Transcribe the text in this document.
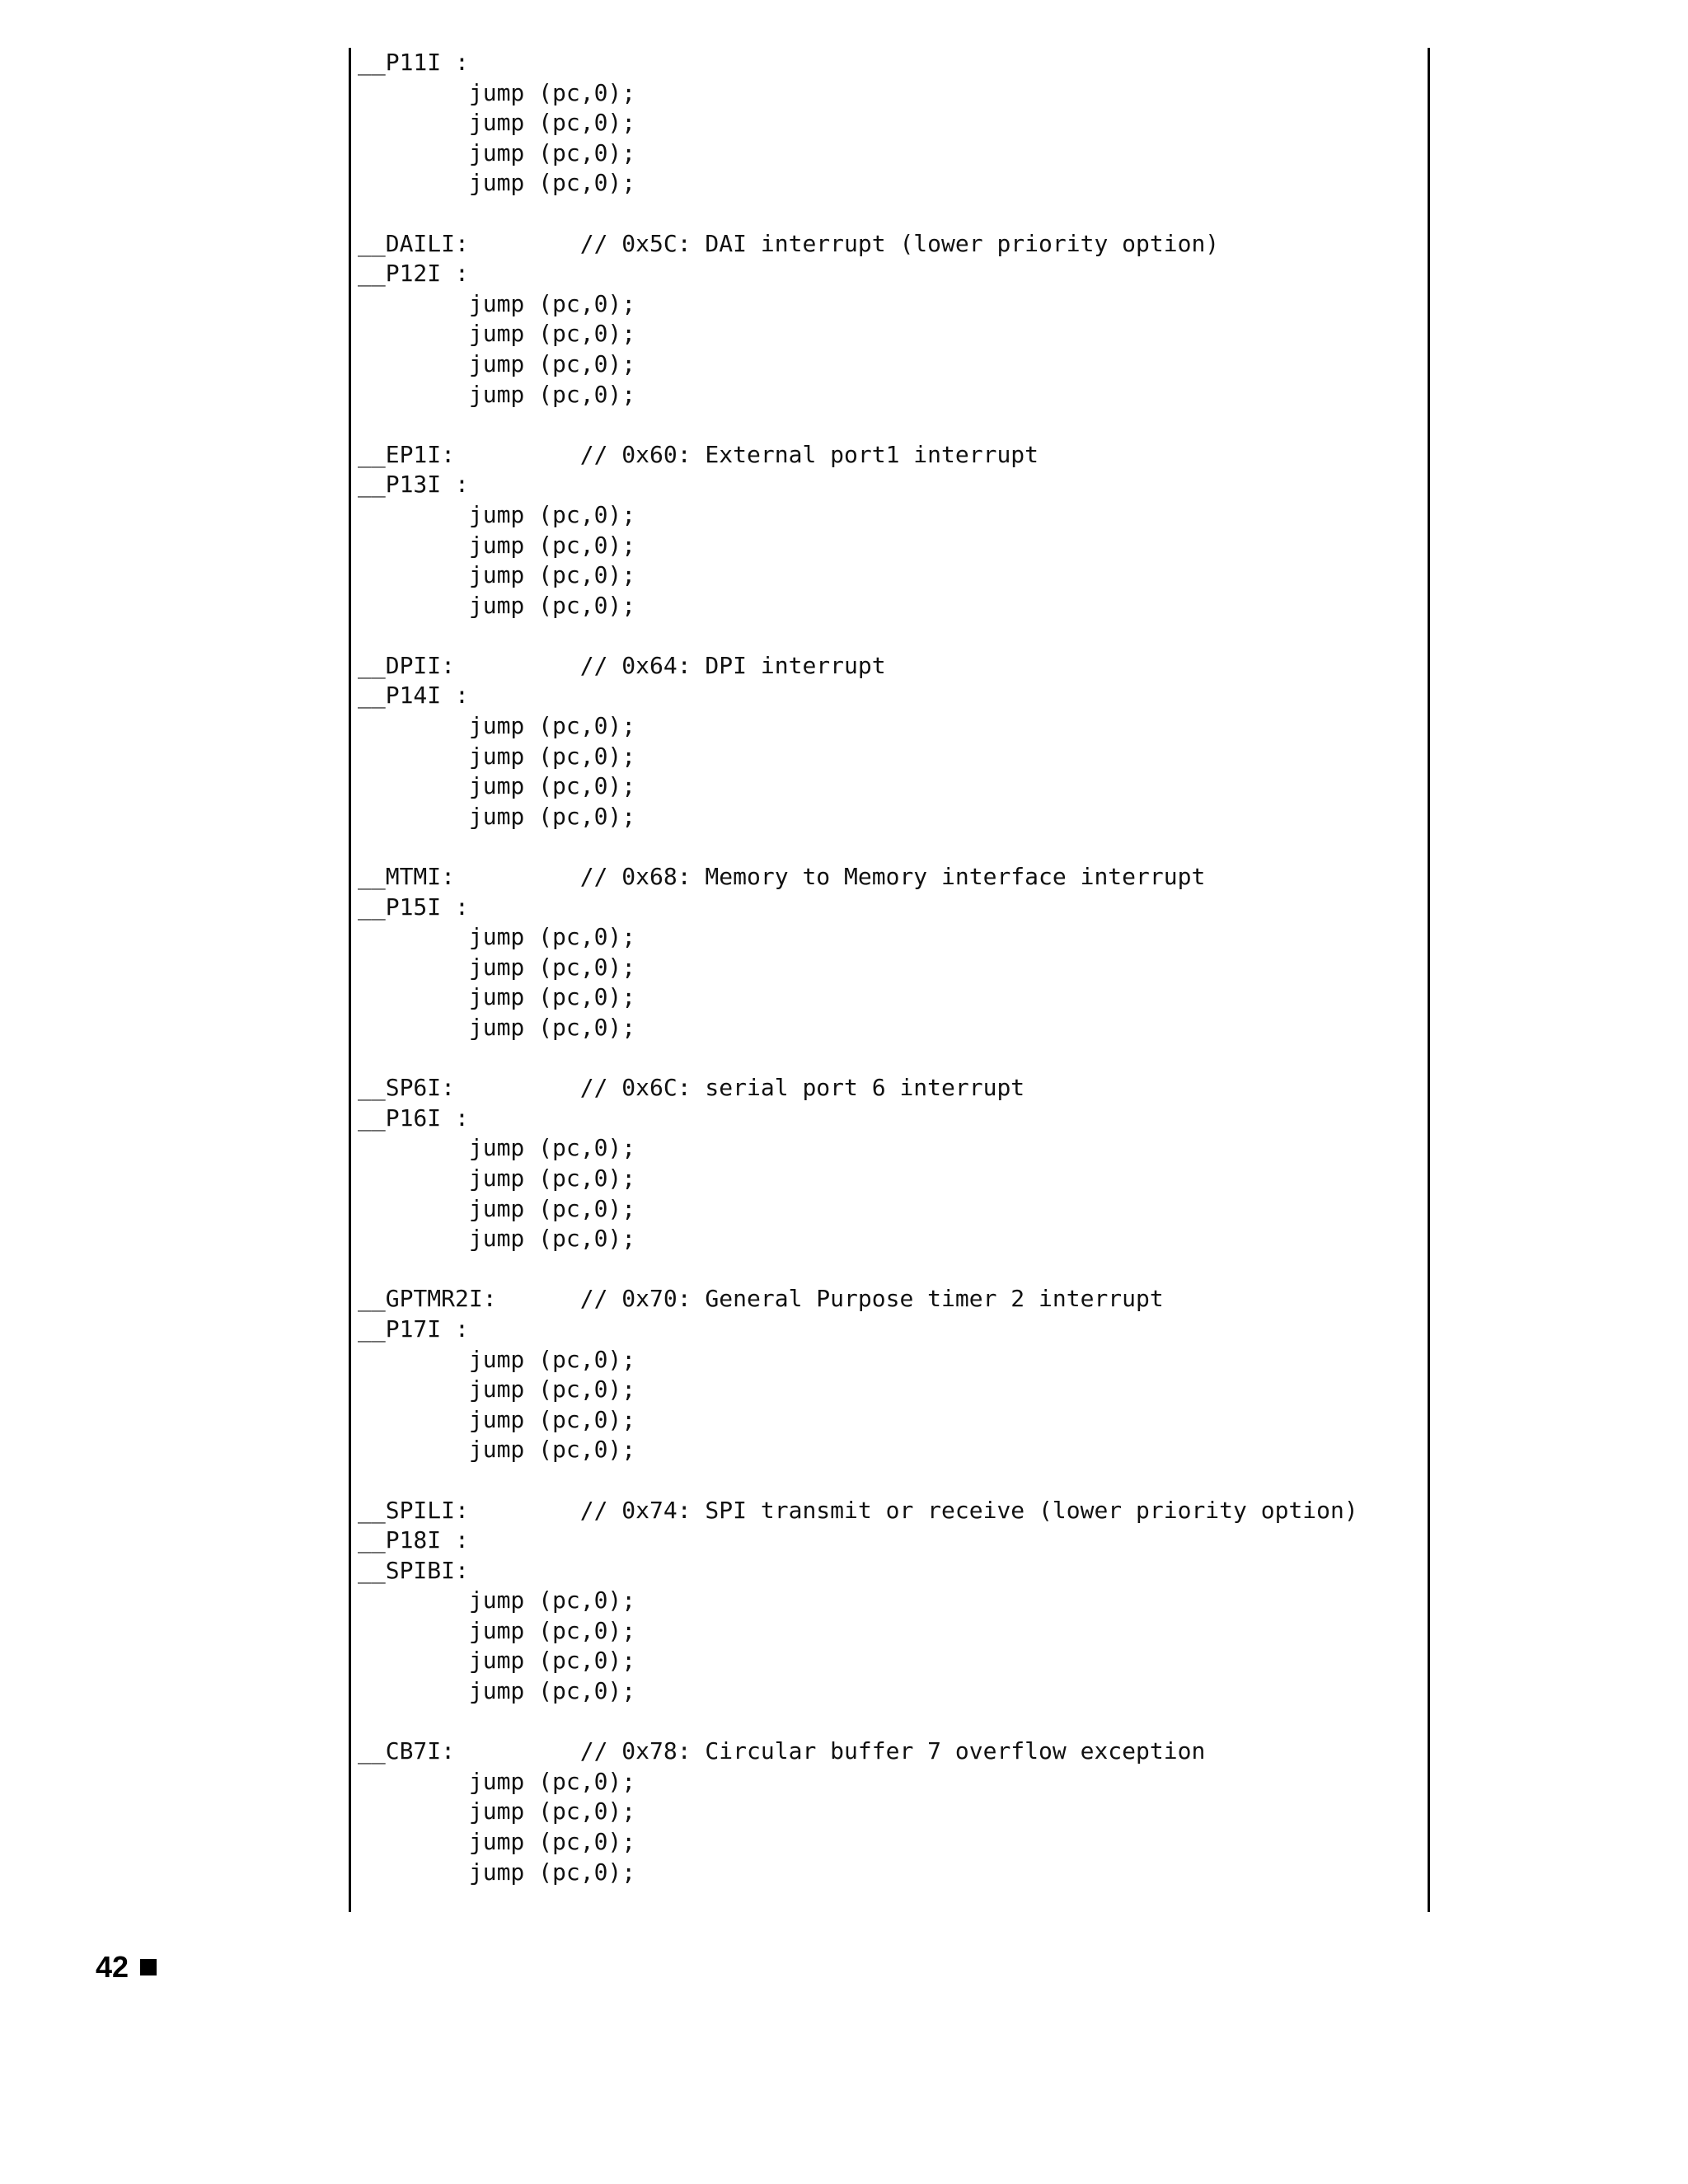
__P11I :
jump (pc,0);
jump (pc,0);
jump (pc,0);
jump (pc,0);
__DAILI:        // 0x5C: DAI interrupt (lower priority option)
__P12I :
jump (pc,0);
jump (pc,0);
jump (pc,0);
jump (pc,0);
__EP1I:         // 0x60: External port1 interrupt
__P13I :
jump (pc,0);
jump (pc,0);
jump (pc,0);
jump (pc,0);
__DPII:         // 0x64: DPI interrupt
__P14I :
jump (pc,0);
jump (pc,0);
jump (pc,0);
jump (pc,0);
__MTMI:         // 0x68: Memory to Memory interface interrupt
__P15I :
jump (pc,0);
jump (pc,0);
jump (pc,0);
jump (pc,0);
__SP6I:         // 0x6C: serial port 6 interrupt
__P16I :
jump (pc,0);
jump (pc,0);
jump (pc,0);
jump (pc,0);
__GPTMR2I:      // 0x70: General Purpose timer 2 interrupt
__P17I :
jump (pc,0);
jump (pc,0);
jump (pc,0);
jump (pc,0);
__SPILI:        // 0x74: SPI transmit or receive (lower priority option)
__P18I :
__SPIBI:
jump (pc,0);
jump (pc,0);
jump (pc,0);
jump (pc,0);
__CB7I:         // 0x78: Circular buffer 7 overflow exception
jump (pc,0);
jump (pc,0);
jump (pc,0);
jump (pc,0);
42
